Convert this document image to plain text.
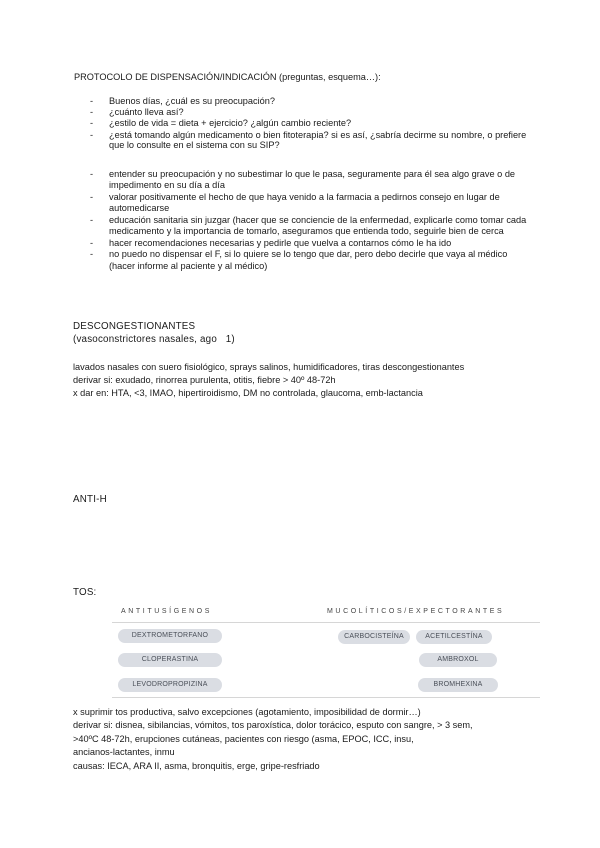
PROTOCOLO DE DISPENSACIÓN/INDICACIÓN (preguntas, esquema…):
- Buenos días, ¿cuál es su preocupación?
- ¿cuánto lleva así?
- ¿estilo de vida = dieta + ejercicio? ¿algún cambio reciente?
- ¿está tomando algún medicamento o bien fitoterapia? si es así, ¿sabría decirme su nombre, o prefiere
que lo consulte en el sistema con su SIP?
- entender su preocupación y no subestimar lo que le pasa, seguramente para él sea algo grave o de
impedimento en su día a día
- valorar positivamente el hecho de que haya venido a la farmacia a pedirnos consejo en lugar de
automedicarse
- educación sanitaria sin juzgar (hacer que se conciencie de la enfermedad, explicarle como tomar cada
medicamento y la importancia de tomarlo, aseguramos que entienda todo, seguirle bien de cerca
- hacer recomendaciones necesarias y pedirle que vuelva a contarnos cómo le ha ido
- no puedo no dispensar el F, si lo quiere se lo tengo que dar, pero debo decirle que vaya al médico
(hacer informe al paciente y al médico)
DESCONGESTIONANTES
(vasoconstrictores nasales, ago   1)
lavados nasales con suero fisiológico, sprays salinos, humidificadores, tiras descongestionantes
derivar si: exudado, rinorrea purulenta, otitis, fiebre > 40º 48-72h
x dar en: HTA, <3, IMAO, hipertiroidismo, DM no controlada, glaucoma, emb-lactancia
ANTI-H
TOS:
ANTITUSÍGENOS	MUCOLÍTICOS/EXPECTORANTES
DEXTROMETORFANO
CLOPERASTINA
LEVODROPROPIZINA
CARBOCISTEÍNA	ACETILCESTÍNA
AMBROXOL
BROMHEXINA
x suprimir tos productiva, salvo excepciones (agotamiento, imposibilidad de dormir…)
derivar si: disnea, sibilancias, vómitos, tos paroxística, dolor torácico, esputo con sangre, > 3 sem,
>40ºC 48-72h, erupciones cutáneas, pacientes con riesgo (asma, EPOC, ICC, insu,
ancianos-lactantes, inmu
causas: IECA, ARA II, asma, bronquitis, erge, gripe-resfriado
